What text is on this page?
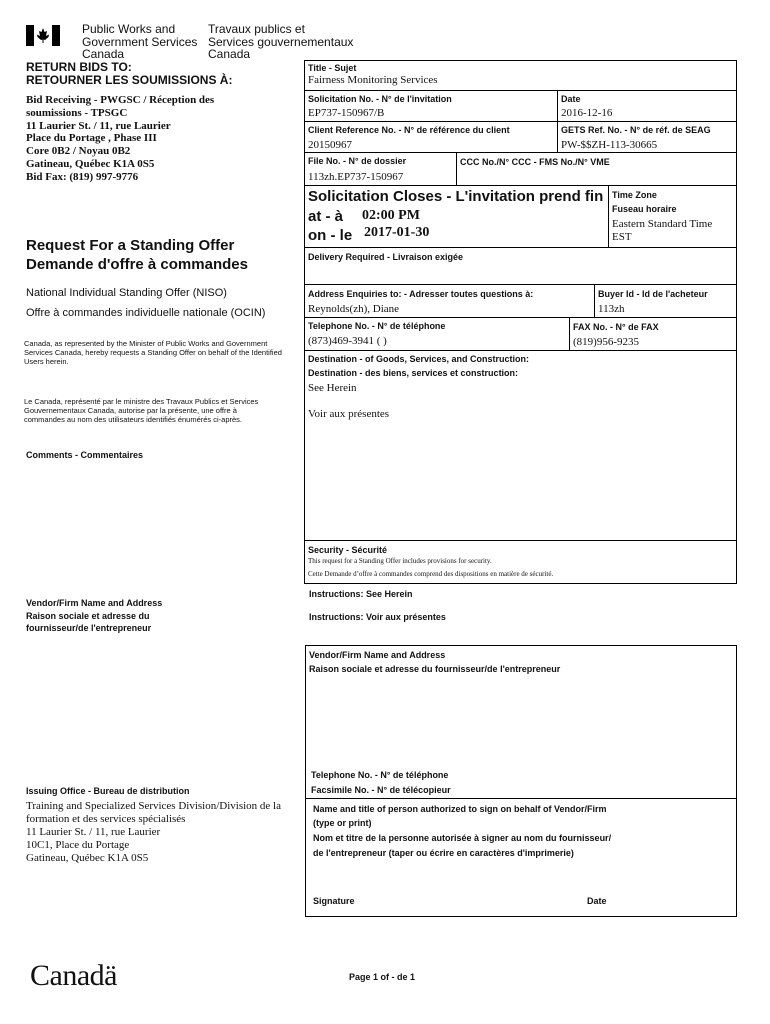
Public Works and
Government Services
Canada
Travaux publics et
Services gouvernementaux
Canada
RETURN BIDS TO:
RETOURNER LES SOUMISSIONS À:
Bid Receiving - PWGSC / Réception des
soumissions - TPSGC
11 Laurier St. / 11, rue Laurier
Place du Portage , Phase III
Core 0B2 / Noyau 0B2
Gatineau, Québec K1A 0S5
Bid Fax: (819) 997-9776
Request For a Standing Offer
Demande d'offre à commandes
National Individual Standing Offer (NISO)
Offre à commandes individuelle nationale (OCIN)
Canada, as represented by the Minister of Public Works and Government Services Canada, hereby requests a Standing Offer on behalf of the Identified Users herein.
Le Canada, représenté par le ministre des Travaux Publics et Services Gouvernementaux Canada, autorise par la présente, une offre à commandes au nom des utilisateurs identifiés énumérés ci-après.
Comments - Commentaires
Vendor/Firm Name and Address
Raison sociale et adresse du
fournisseur/de l'entrepreneur
Issuing Office - Bureau de distribution
Training and Specialized Services Division/Division de la
formation et des services spécialisés
11 Laurier St. / 11, rue Laurier
10C1, Place du Portage
Gatineau, Québec K1A 0S5
Title - Sujet
Fairness Monitoring Services
Solicitation No. - N° de l'invitation
EP737-150967/B
Date
2016-12-16
Client Reference No. - N° de référence du client
20150967
GETS Ref. No. - N° de réf. de SEAG
PW-$$ZH-113-30665
File No. - N° de dossier
113zh.EP737-150967
CCC No./N° CCC - FMS No./N° VME
Solicitation Closes - L'invitation prend fin
at - à 02:00 PM
on - le 2017-01-30
Time Zone
Fuseau horaire
Eastern Standard Time
EST
Delivery Required - Livraison exigée
Address Enquiries to: - Adresser toutes questions à:
Reynolds(zh), Diane
Buyer Id - Id de l'acheteur
113zh
Telephone No. - N° de téléphone
(873)469-3941 ( )
FAX No. - N° de FAX
(819)956-9235
Destination - of Goods, Services, and Construction:
Destination - des biens, services et construction:
See Herein
Voir aux présentes
Security - Sécurité
This request for a Standing Offer includes provisions for security.
Cette Demande d’offre à commandes comprend des dispositions en matière de sécurité.
Instructions: See Herein
Instructions: Voir aux présentes
Vendor/Firm Name and Address
Raison sociale et adresse du fournisseur/de l'entrepreneur
Telephone No. - N° de téléphone
Facsimile No. - N° de télécopieur
Name and title of person authorized to sign on behalf of Vendor/Firm
(type or print)
Nom et titre de la personne autorisée à signer au nom du fournisseur/
de l'entrepreneur (taper ou écrire en caractères d'imprimerie)
Signature	Date
Canadä	Page 1 of - de 1
